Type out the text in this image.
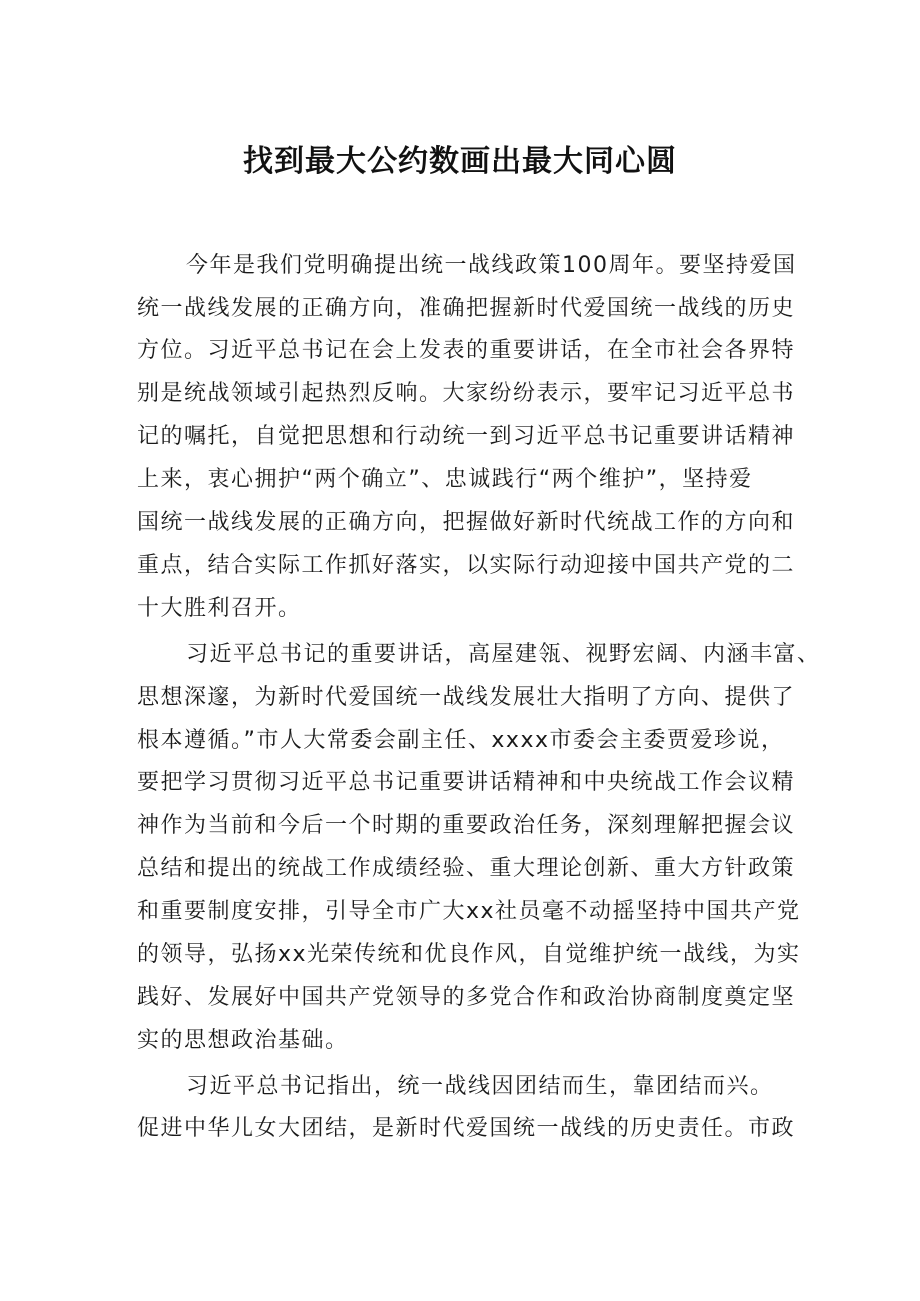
找到最大公约数画出最大同心圆
今年是我们党明确提出统一战线政策100周年。要坚持爱国
统一战线发展的正确方向，准确把握新时代爱国统一战线的历史
方位。习近平总书记在会上发表的重要讲话，在全市社会各界特
别是统战领域引起热烈反响。大家纷纷表示，要牢记习近平总书
记的嘱托，自觉把思想和行动统一到习近平总书记重要讲话精神
上来，衷心拥护“两个确立”、忠诚践行“两个维护”，坚持爱
国统一战线发展的正确方向，把握做好新时代统战工作的方向和
重点，结合实际工作抓好落实，以实际行动迎接中国共产党的二
十大胜利召开。
习近平总书记的重要讲话，高屋建瓴、视野宏阔、内涵丰富、
思想深邃，为新时代爱国统一战线发展壮大指明了方向、提供了
根本遵循。”市人大常委会副主任、xxxx市委会主委贾爱珍说，
要把学习贯彻习近平总书记重要讲话精神和中央统战工作会议精
神作为当前和今后一个时期的重要政治任务，深刻理解把握会议
总结和提出的统战工作成绩经验、重大理论创新、重大方针政策
和重要制度安排，引导全市广大xx社员毫不动摇坚持中国共产党
的领导，弘扬xx光荣传统和优良作风，自觉维护统一战线，为实
践好、发展好中国共产党领导的多党合作和政治协商制度奠定坚
实的思想政治基础。
习近平总书记指出，统一战线因团结而生，靠团结而兴。
促进中华儿女大团结，是新时代爱国统一战线的历史责任。市政
